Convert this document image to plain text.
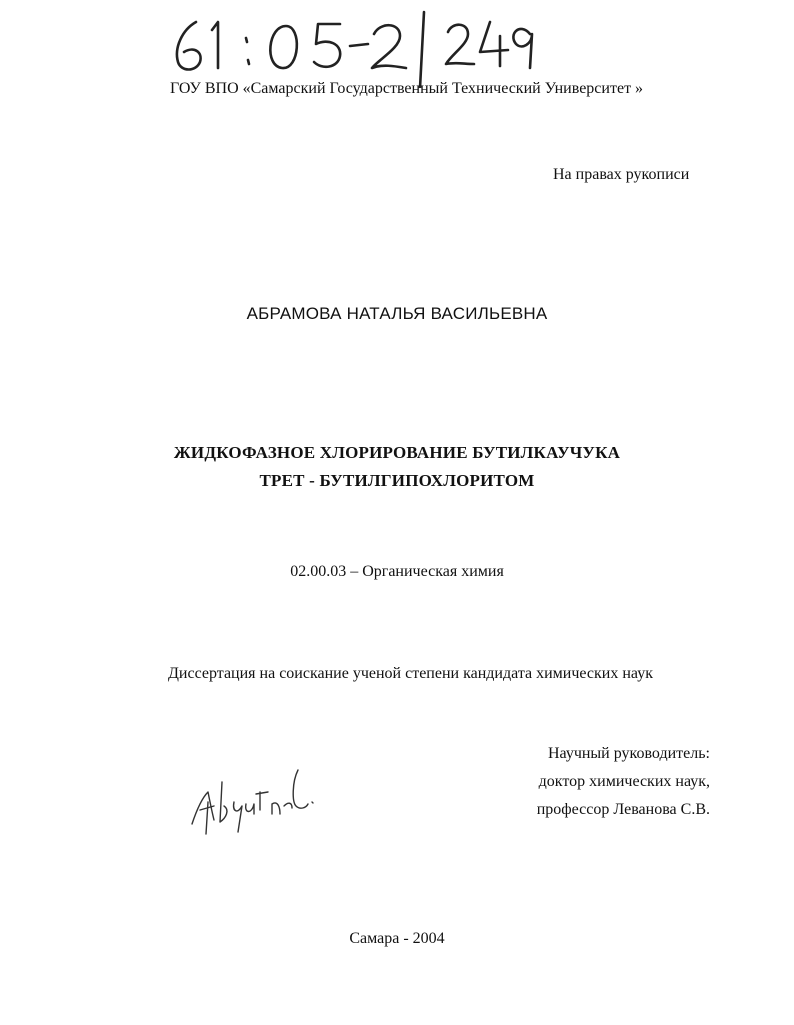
ГОУ ВПО «Самарский Государственный Технический Университет »
На правах рукописи
АБРАМОВА НАТАЛЬЯ ВАСИЛЬЕВНА
ЖИДКОФАЗНОЕ ХЛОРИРОВАНИЕ БУТИЛКАУЧУКА
ТРЕТ - БУТИЛГИПОХЛОРИТОМ
02.00.03 – Органическая химия
Диссертация на соискание ученой степени кандидата химических наук
Научный руководитель:
доктор химических наук,
профессор Леванова С.В.
Самара - 2004
